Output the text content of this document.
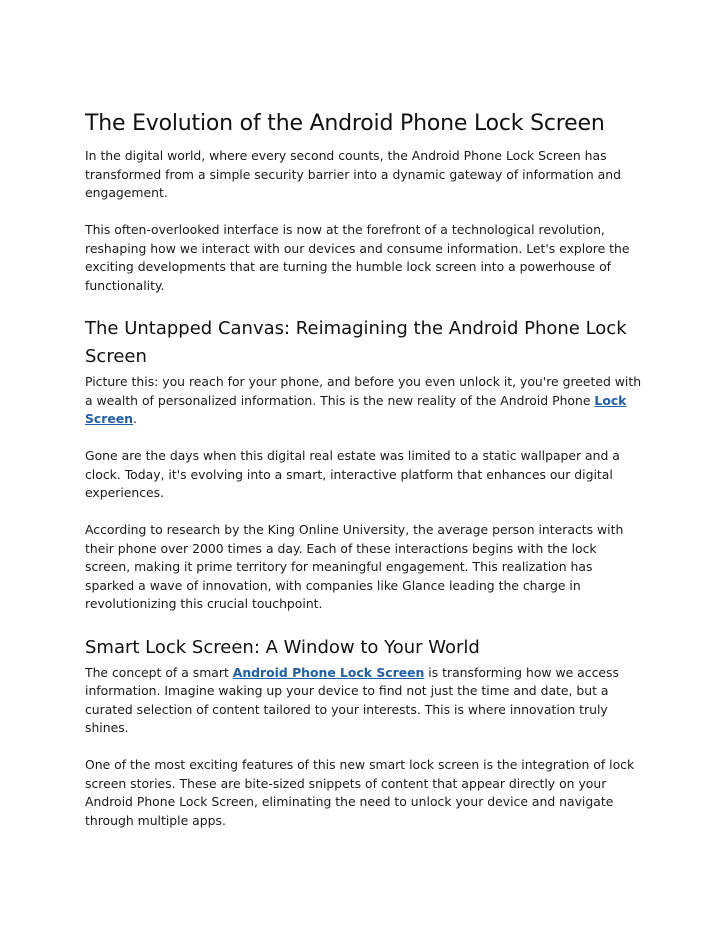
The Evolution of the Android Phone Lock Screen

In the digital world, where every second counts, the Android Phone Lock Screen has transformed from a simple security barrier into a dynamic gateway of information and engagement.

This often-overlooked interface is now at the forefront of a technological revolution, reshaping how we interact with our devices and consume information. Let's explore the exciting developments that are turning the humble lock screen into a powerhouse of functionality.

The Untapped Canvas: Reimagining the Android Phone Lock Screen

Picture this: you reach for your phone, and before you even unlock it, you're greeted with a wealth of personalized information. This is the new reality of the Android Phone Lock Screen.

Gone are the days when this digital real estate was limited to a static wallpaper and a clock. Today, it's evolving into a smart, interactive platform that enhances our digital experiences.

According to research by the King Online University, the average person interacts with their phone over 2000 times a day. Each of these interactions begins with the lock screen, making it prime territory for meaningful engagement. This realization has sparked a wave of innovation, with companies like Glance leading the charge in revolutionizing this crucial touchpoint.

Smart Lock Screen: A Window to Your World

The concept of a smart Android Phone Lock Screen is transforming how we access information. Imagine waking up your device to find not just the time and date, but a curated selection of content tailored to your interests. This is where innovation truly shines.

One of the most exciting features of this new smart lock screen is the integration of lock screen stories. These are bite-sized snippets of content that appear directly on your Android Phone Lock Screen, eliminating the need to unlock your device and navigate through multiple apps.
